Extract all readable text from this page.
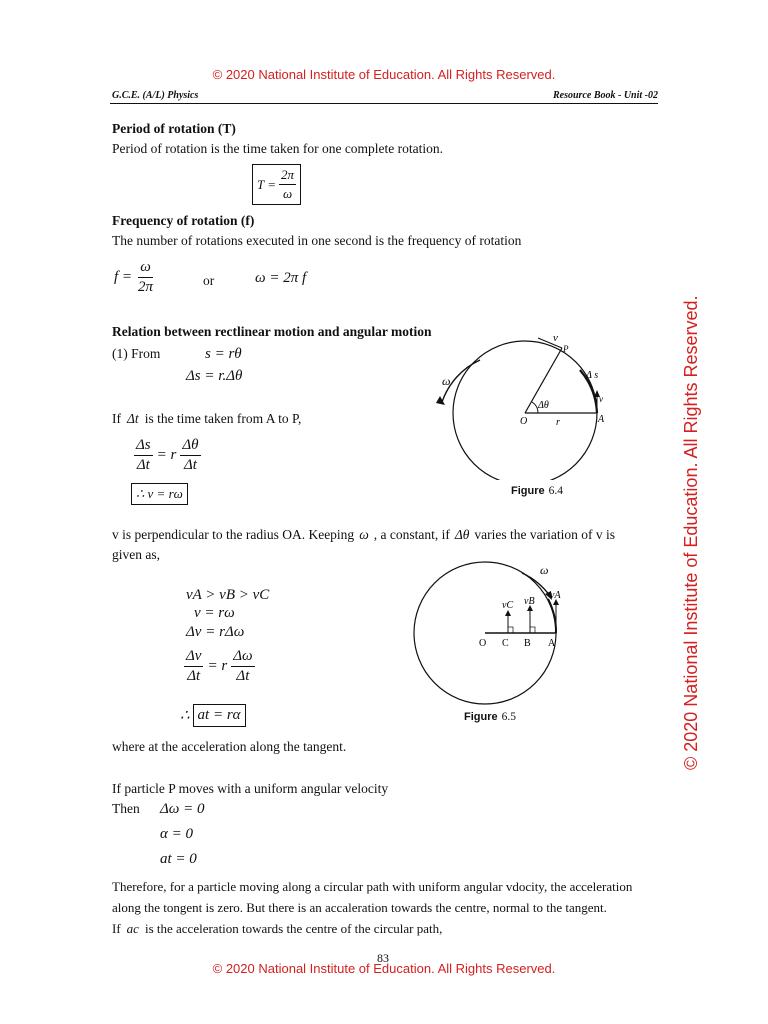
© 2020 National Institute of Education. All Rights Reserved.
© 2020 National Institute of Education. All Rights Reserved.
© 2020 National Institute of Education. All Rights Reserved.
G.C.E. (A/L) Physics	Resource Book - Unit -02
Period of rotation (T)
Period of rotation is the time taken for one complete rotation.
$T = \frac{2\pi}{\omega}$
Frequency of rotation (f)
The number of rotations executed in one second is the frequency of rotation
$f = \frac{\omega}{2\pi}$	or	ω = 2π f
Relation between rectlinear motion and angular motion
(1) From	s = rθ
Δs = r.Δθ
If Δt is the time taken from A to P,
$\frac{\Delta s}{\Delta t} = r \frac{\Delta\theta}{\Delta t}$
∴ v = rω
v
P
ω	Δ s
Δθ
O	r	A
v
Figure 6.4
v is perpendicular to the radius OA. Keeping ω , a constant, if Δθ varies the variation of v is
given as,
vA > vB > vC
v = rω
Δv = rΔω
$\frac{\Delta v}{\Delta t} = r \frac{\Delta\omega}{\Delta t}$
∴ at = rα
ω
vC vB
vA
O C B A
Figure 6.5
where at the acceleration along the tangent.
If particle P moves with a uniform angular velocity
Then Δω = 0
α = 0
at = 0
Therefore, for a particle moving along a circular path with uniform angular vdocity, the acceleration
along the tongent is zero. But there is an accaleration towards the centre, normal to the tangent.
If ac is the acceleration towards the centre of the circular path,
83
